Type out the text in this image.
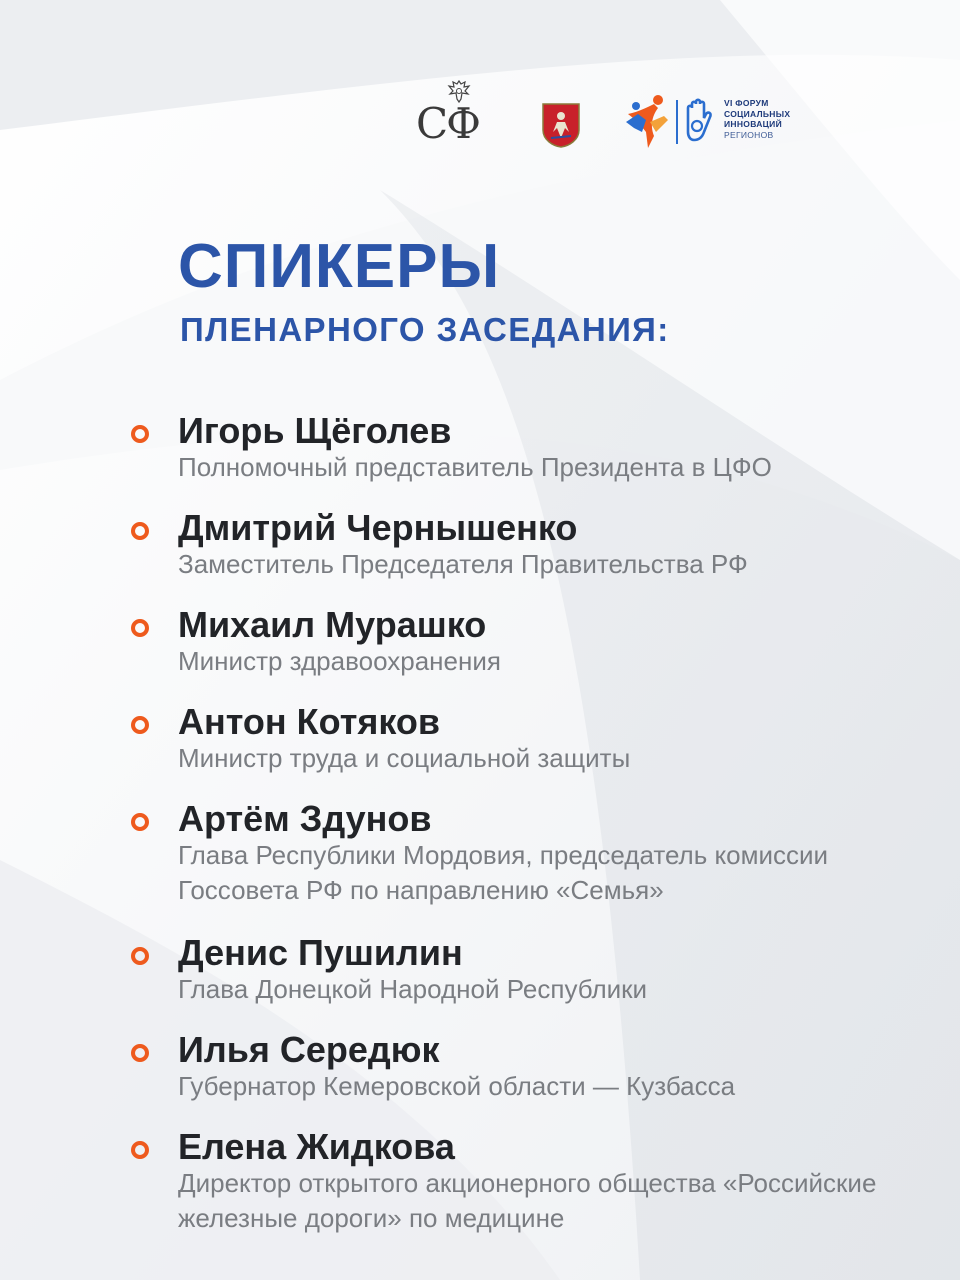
СФ	VI ФОРУМ
СОЦИАЛЬНЫХ
ИННОВАЦИЙ
РЕГИОНОВ
СПИКЕРЫ
ПЛЕНАРНОГО ЗАСЕДАНИЯ:
Игорь Щёголев
Полномочный представитель Президента в ЦФО
Дмитрий Чернышенко
Заместитель Председателя Правительства РФ
Михаил Мурашко
Министр здравоохранения
Антон Котяков
Министр труда и социальной защиты
Артём Здунов
Глава Республики Мордовия, председатель комиссии Госсовета РФ по направлению «Семья»
Денис Пушилин
Глава Донецкой Народной Республики
Илья Середюк
Губернатор Кемеровской области — Кузбасса
Елена Жидкова
Директор открытого акционерного общества «Российские железные дороги» по медицине
